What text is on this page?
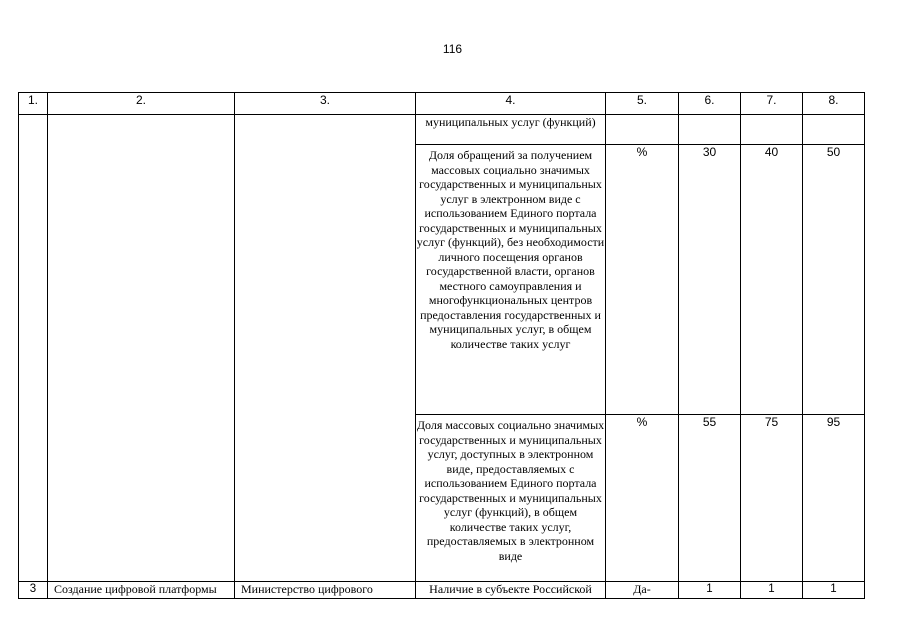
116
1.	2.	3.	4.	5.	6.	7.	8.
			муниципальных услуг (функций)				
			Доля обращений за получением массовых социально значимых государственных и муниципальных услуг в электронном виде с использованием Единого портала государственных и муниципальных услуг (функций), без необходимости личного посещения органов государственной власти, органов местного самоуправления и многофункциональных центров предоставления государственных и муниципальных услуг, в общем количестве таких услуг	%	30	40	50
			Доля массовых социально значимых государственных и муниципальных услуг, доступных в электронном виде, предоставляемых с использованием Единого портала государственных и муниципальных услуг (функций), в общем количестве таких услуг, предоставляемых в электронном виде	%	55	75	95
3	Создание цифровой платформы	Министерство цифрового	Наличие в субъекте Российской	Да-	1	1	1
